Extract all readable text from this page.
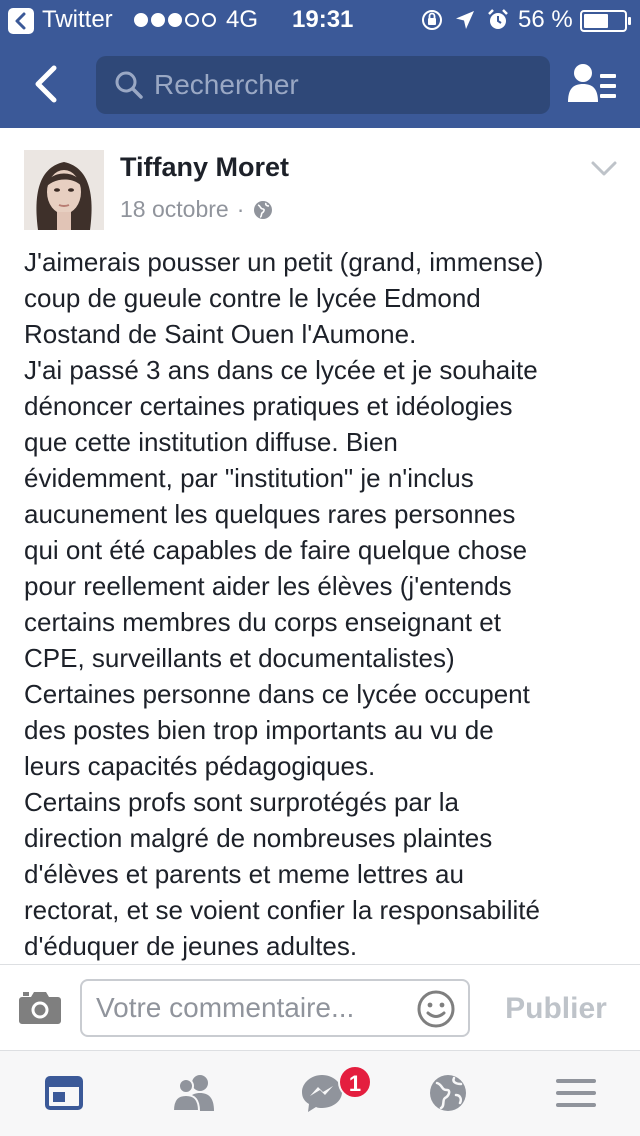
Twitter	4G 19:31	56 %
Rechercher
Tiffany Moret
18 octobre ·

J'aimerais pousser un petit (grand, immense)

coup de gueule contre le lycée Edmond

Rostand de Saint Ouen l'Aumone.

J'ai passé 3 ans dans ce lycée et je souhaite

dénoncer certaines pratiques et idéologies

que cette institution diffuse. Bien

évidemment, par "institution" je n'inclus

aucunement les quelques rares personnes

qui ont été capables de faire quelque chose

pour reellement aider les élèves (j'entends

certains membres du corps enseignant et

CPE, surveillants et documentalistes)

Certaines personne dans ce lycée occupent

des postes bien trop importants au vu de

leurs capacités pédagogiques.

Certains profs sont surprotégés par la

direction malgré de nombreuses plaintes

d'élèves et parents et meme lettres au

rectorat, et se voient confier la responsabilité

d'éduquer de jeunes adultes.

Votre commentaire...
Publier
1
